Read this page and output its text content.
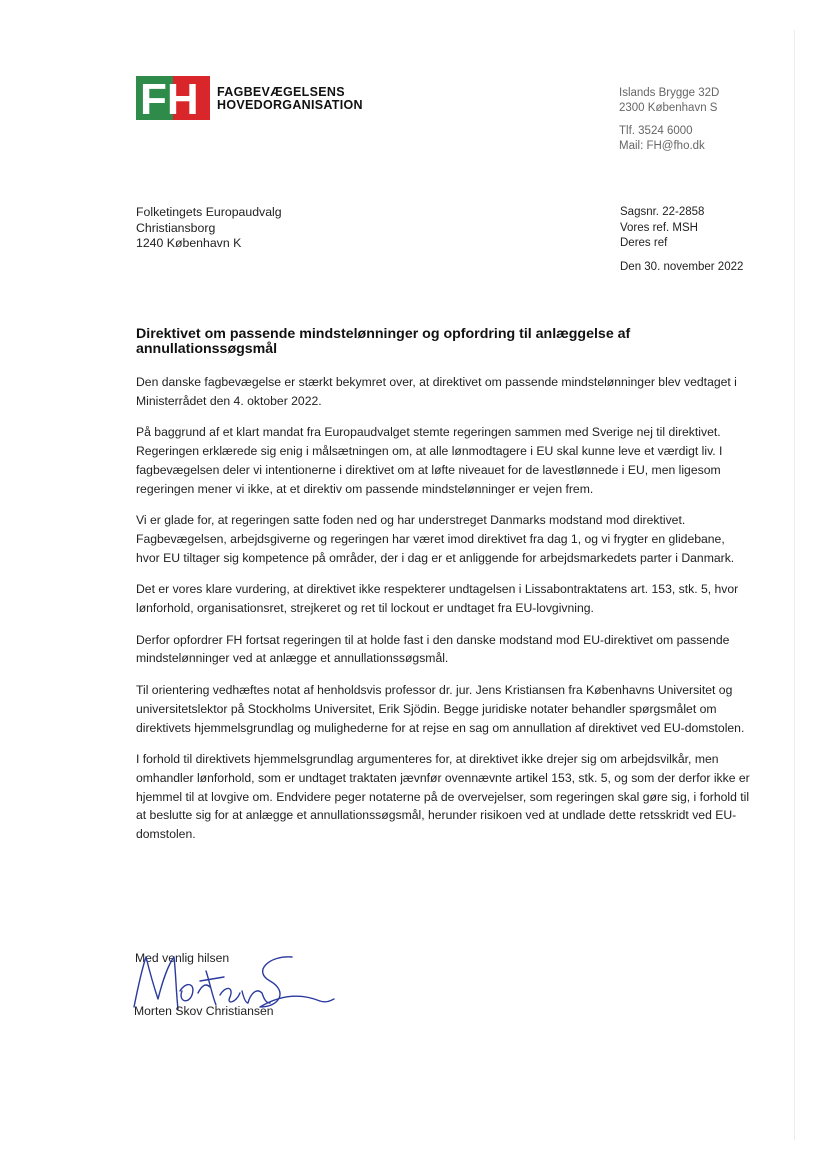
FH FAGBEVÆGELSENS
HOVEDORGANISATION
Islands Brygge 32D
2300 København S
Tlf. 3524 6000
Mail: FH@fho.dk
Folketingets Europaudvalg
Christiansborg
1240 København K
Sagsnr. 22-2858
Vores ref. MSH
Deres ref
Den 30. november 2022
Direktivet om passende mindstelønninger og opfordring til anlæggelse af annullationssøgsmål

Den danske fagbevægelse er stærkt bekymret over, at direktivet om passende mindstelønninger blev vedtaget i Ministerrådet den 4. oktober 2022.

På baggrund af et klart mandat fra Europaudvalget stemte regeringen sammen med Sverige nej til direktivet. Regeringen erklærede sig enig i målsætningen om, at alle lønmodtagere i EU skal kunne leve et værdigt liv. I fagbevægelsen deler vi intentionerne i direktivet om at løfte niveauet for de lavestlønnede i EU, men ligesom regeringen mener vi ikke, at et direktiv om passende mindstelønninger er vejen frem.

Vi er glade for, at regeringen satte foden ned og har understreget Danmarks modstand mod direktivet. Fagbevægelsen, arbejdsgiverne og regeringen har været imod direktivet fra dag 1, og vi frygter en glidebane, hvor EU tiltager sig kompetence på områder, der i dag er et anliggende for arbejdsmarkedets parter i Danmark.

Det er vores klare vurdering, at direktivet ikke respekterer undtagelsen i Lissabontraktatens art. 153, stk. 5, hvor lønforhold, organisationsret, strejkeret og ret til lockout er undtaget fra EU-lovgivning.

Derfor opfordrer FH fortsat regeringen til at holde fast i den danske modstand mod EU-direktivet om passende mindstelønninger ved at anlægge et annullationssøgsmål.

Til orientering vedhæftes notat af henholdsvis professor dr. jur. Jens Kristiansen fra Københavns Universitet og universitetslektor på Stockholms Universitet, Erik Sjödin. Begge juridiske notater behandler spørgsmålet om direktivets hjemmelsgrundlag og mulighederne for at rejse en sag om annullation af direktivet ved EU-domstolen.

I forhold til direktivets hjemmelsgrundlag argumenteres for, at direktivet ikke drejer sig om arbejdsvilkår, men omhandler lønforhold, som er undtaget traktaten jævnfør ovennævnte artikel 153, stk. 5, og som der derfor ikke er hjemmel til at lovgive om. Endvidere peger notaterne på de overvejelser, som regeringen skal gøre sig, i forhold til at beslutte sig for at anlægge et annullationssøgsmål, herunder risikoen ved at undlade dette retsskridt ved EU-domstolen.

Med venlig hilsen
Morten Skov Christiansen
